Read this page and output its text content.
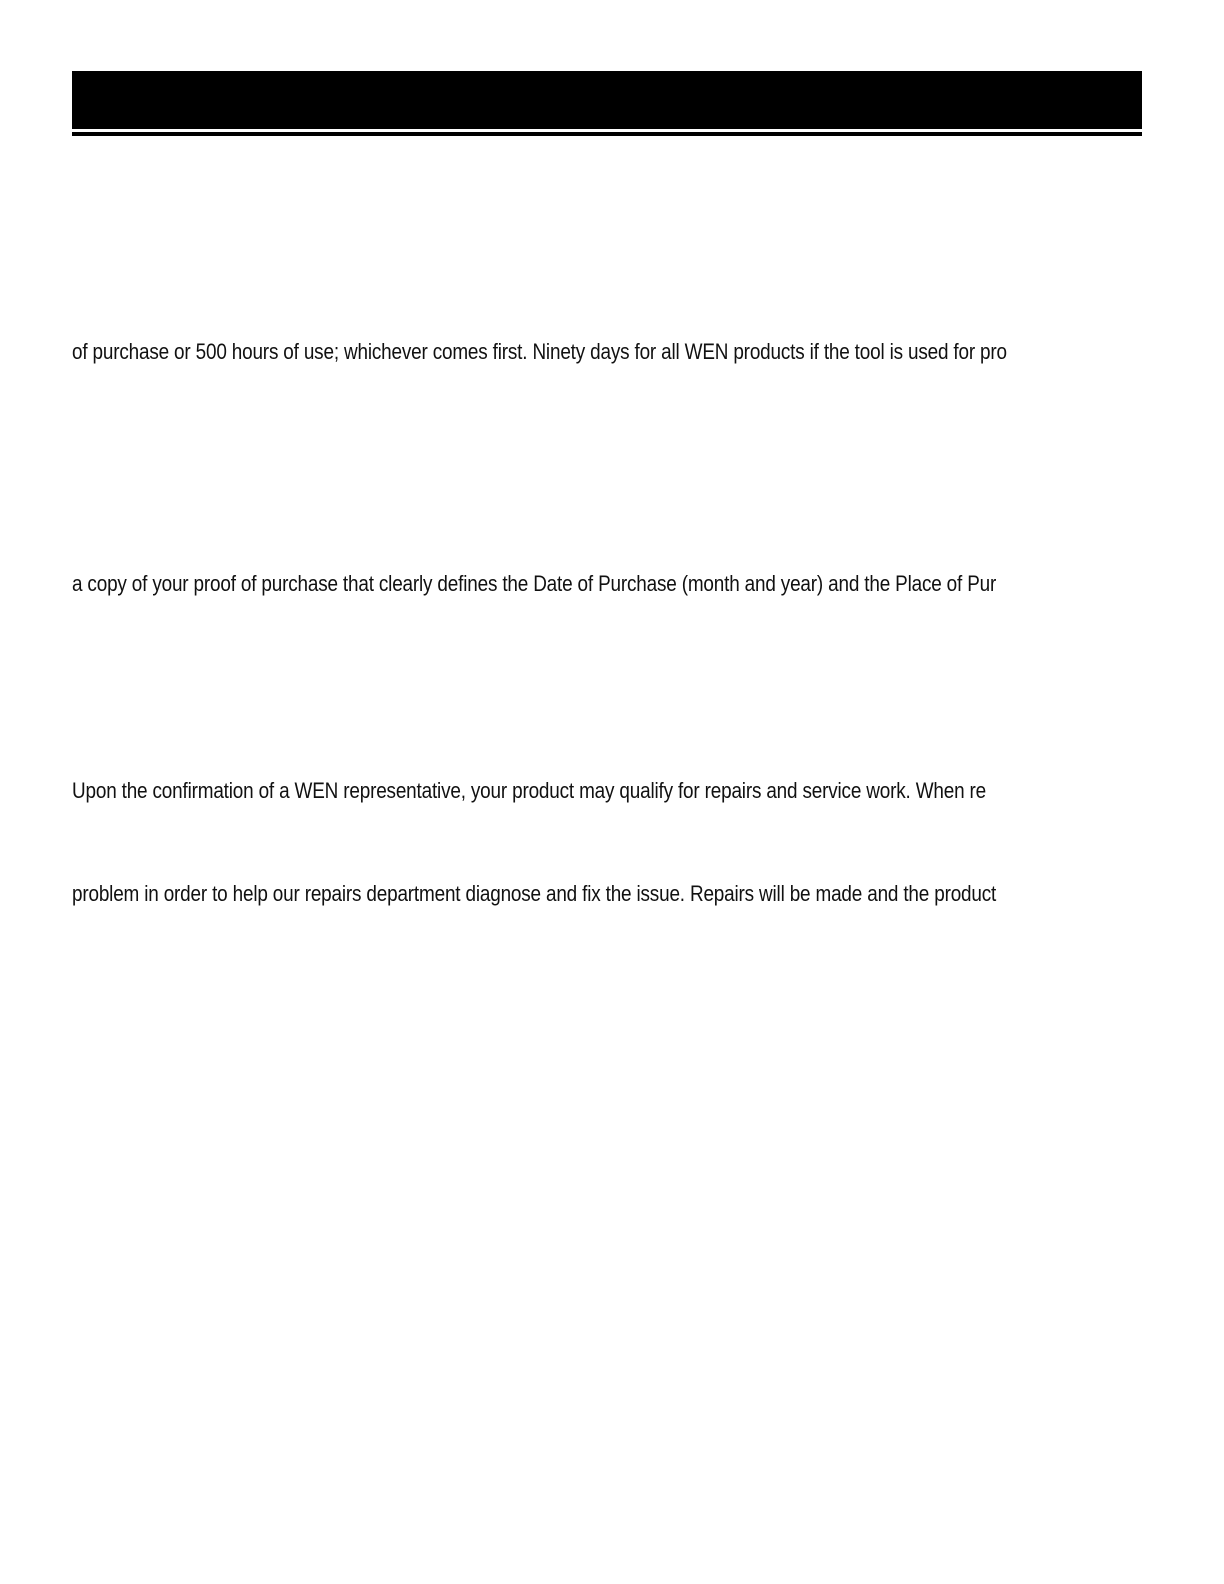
of purchase or 500 hours of use; whichever comes first. Ninety days for all WEN products if the tool is used for pro
a copy of your proof of purchase that clearly defines the Date of Purchase (month and year) and the Place of Pur
Upon the confirmation of a WEN representative, your product may qualify for repairs and service work. When re
problem in order to help our repairs department diagnose and fix the issue. Repairs will be made and the product
